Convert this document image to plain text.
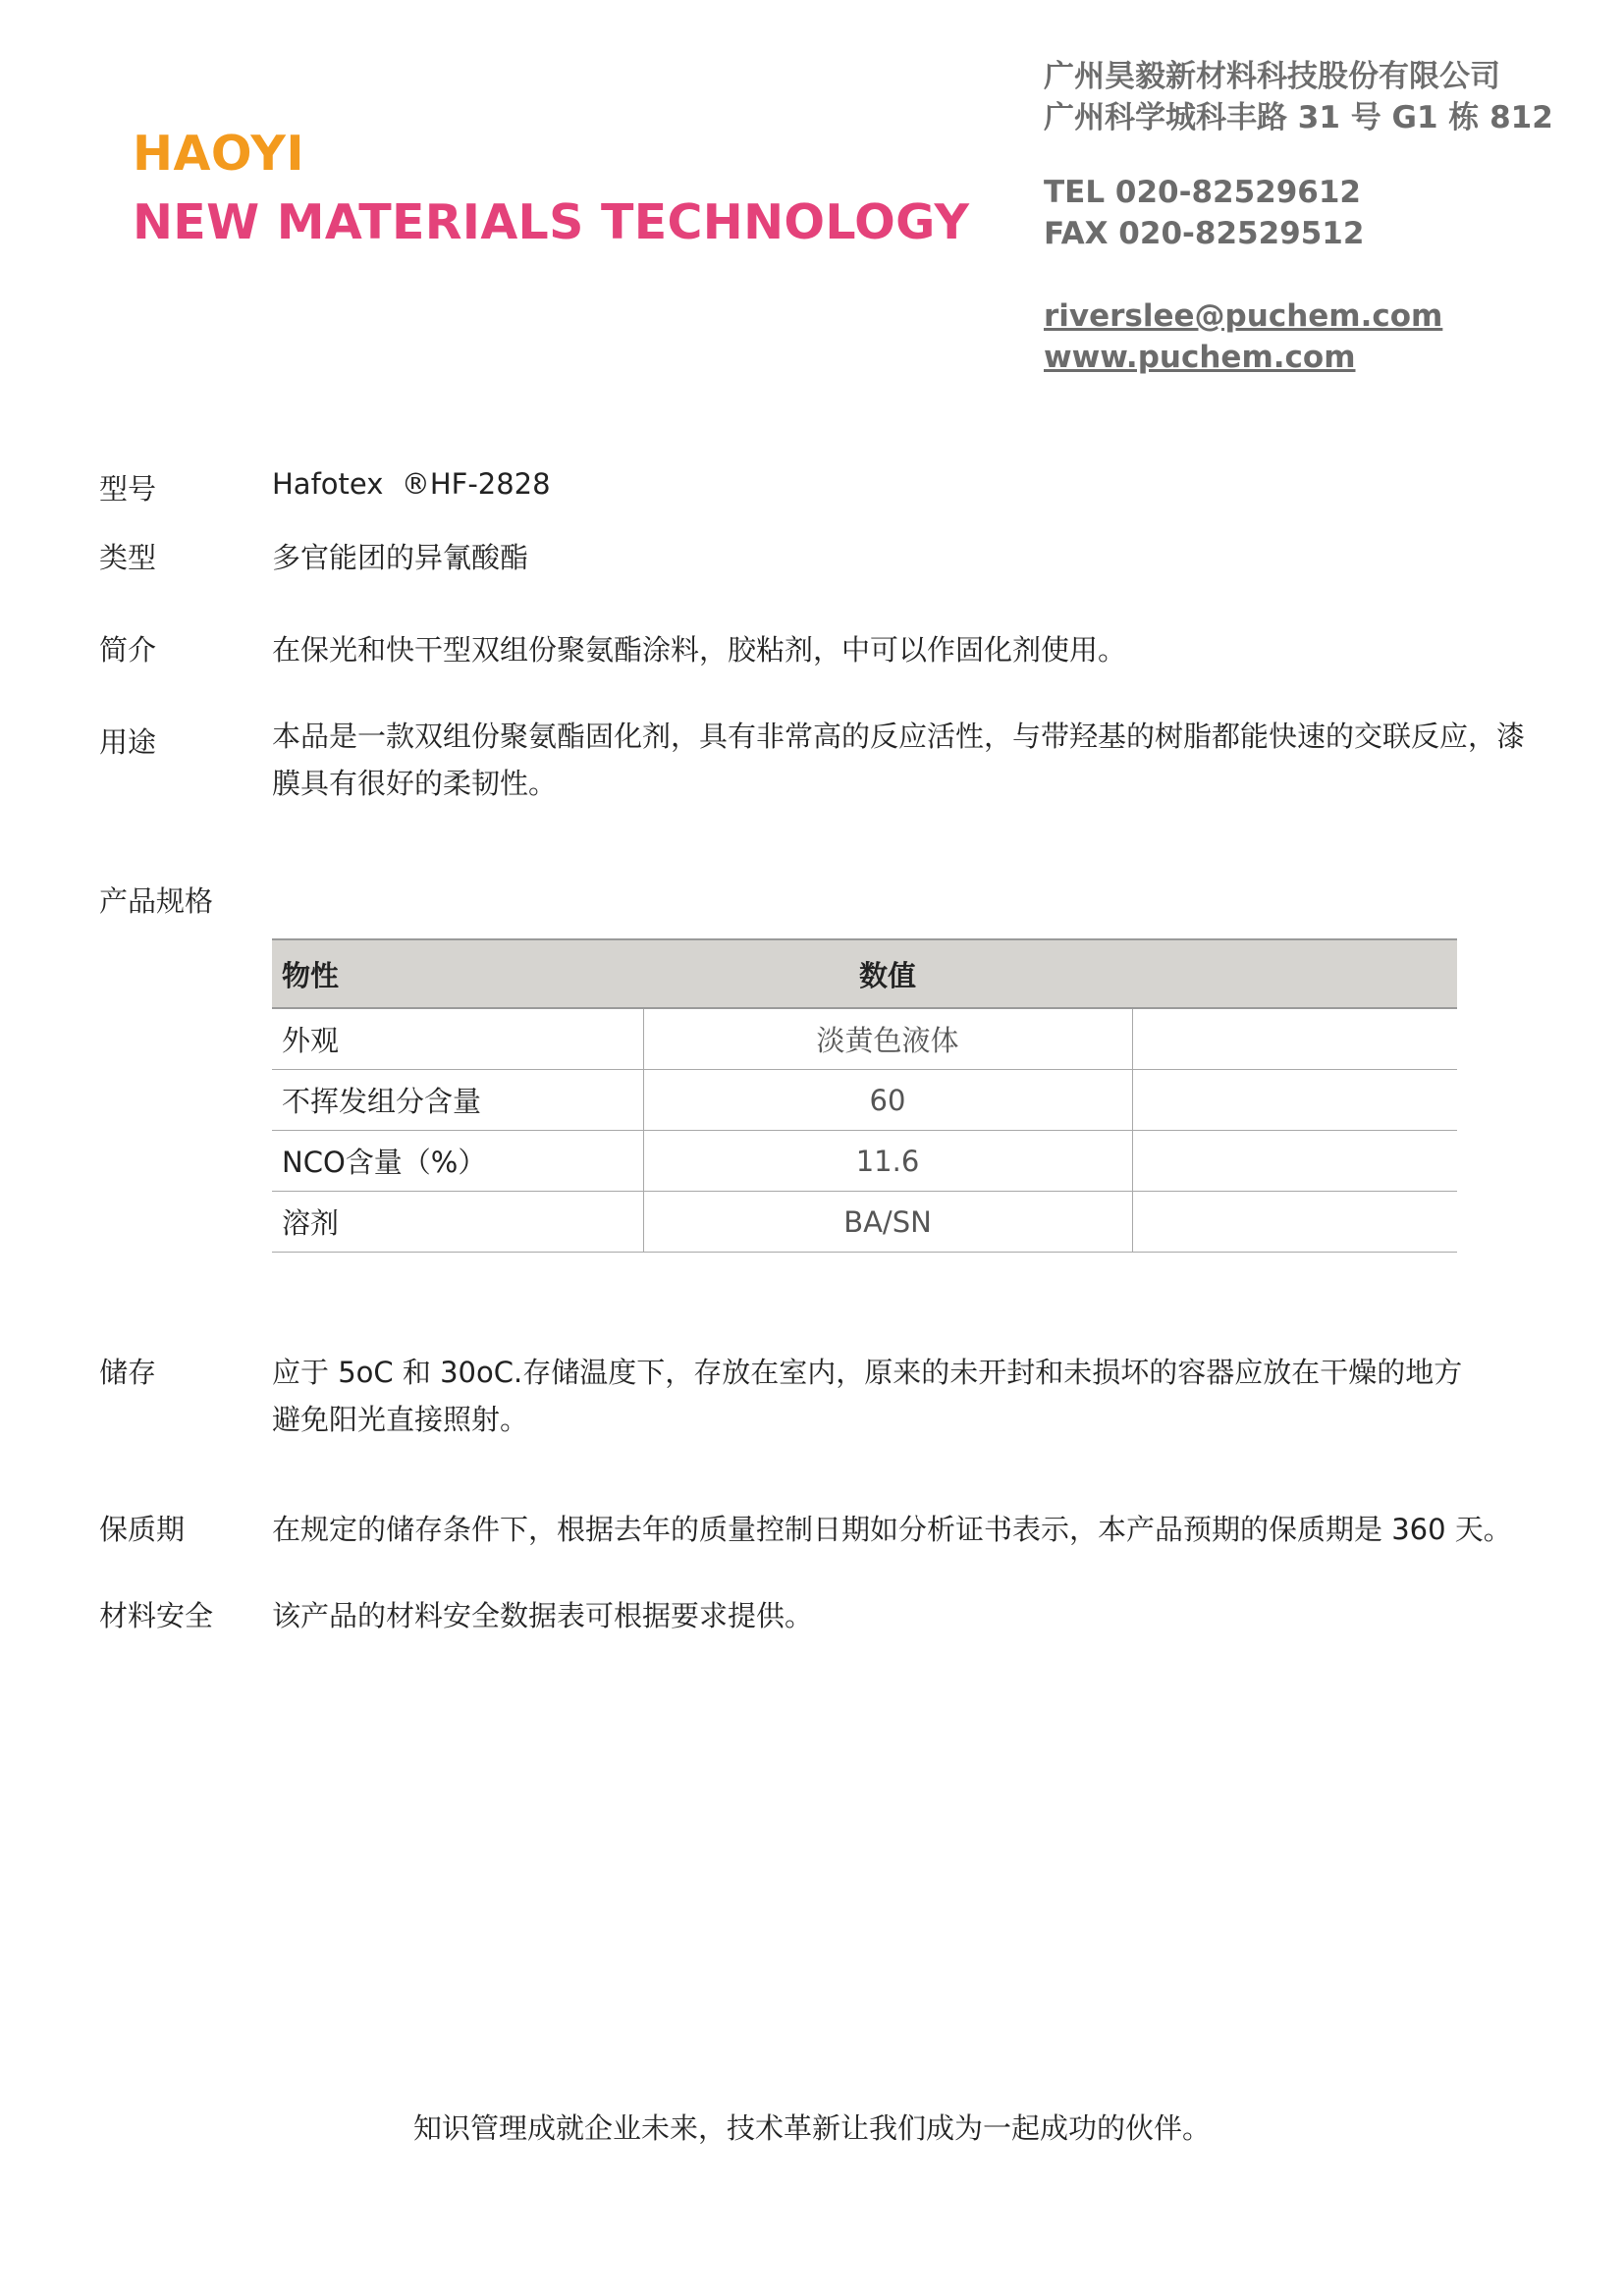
HAOYI
NEW MATERIALS TECHNOLOGY
广州昊毅新材料科技股份有限公司
广州科学城科丰路 31 号 G1 栋 812
TEL 020-82529612
FAX 020-82529512
riverslee@puchem.com
www.puchem.com
型号	Hafotex  ®HF-2828
类型	多官能团的异氰酸酯
简介	在保光和快干型双组份聚氨酯涂料，胶粘剂，中可以作固化剂使用。
用途	本品是一款双组份聚氨酯固化剂，具有非常高的反应活性，与带羟基的树脂都能快速的交联反应，漆膜具有很好的柔韧性。
产品规格
物性	数值	
外观	淡黄色液体	
不挥发组分含量	60	
NCO含量（%）	11.6	
溶剂	BA/SN	
储存	应于 5oC 和 30oC.存储温度下，存放在室内，原来的未开封和未损坏的容器应放在干燥的地方
避免阳光直接照射。
保质期	在规定的储存条件下，根据去年的质量控制日期如分析证书表示，本产品预期的保质期是 360 天。
材料安全 该产品的材料安全数据表可根据要求提供。
知识管理成就企业未来，技术革新让我们成为一起成功的伙伴。
